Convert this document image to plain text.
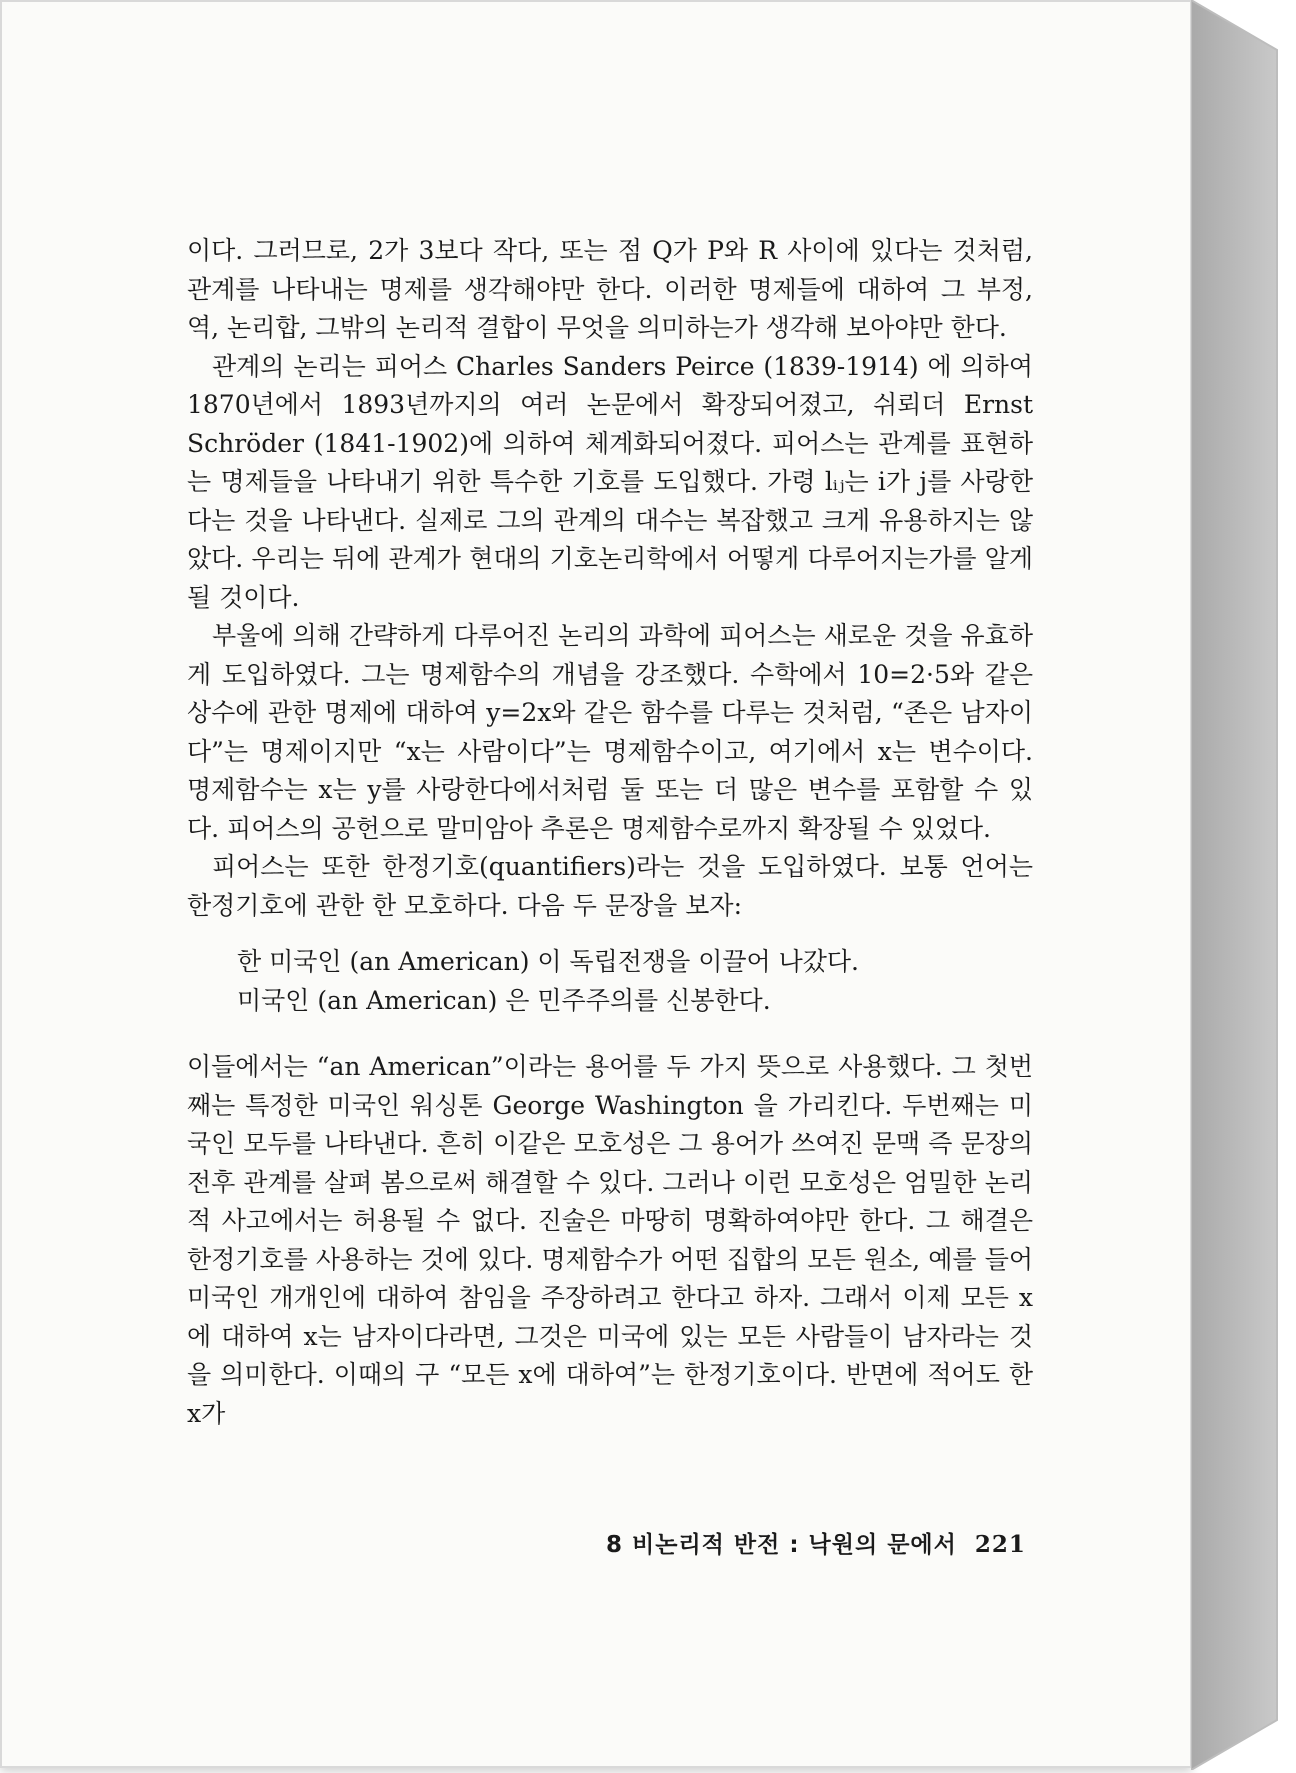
이다. 그러므로, 2가 3보다 작다, 또는 점 Q가 P와 R 사이에 있다는 것처럼, 관계를 나타내는 명제를 생각해야만 한다. 이러한 명제들에 대하여 그 부정, 역, 논리합, 그밖의 논리적 결합이 무엇을 의미하는가 생각해 보아야만 한다.

관계의 논리는 피어스 Charles Sanders Peirce (1839-1914) 에 의하여 1870년에서 1893년까지의 여러 논문에서 확장되어졌고, 쉬뢰더 Ernst Schröder (1841-1902)에 의하여 체계화되어졌다. 피어스는 관계를 표현하는 명제들을 나타내기 위한 특수한 기호를 도입했다. 가령 lᵢⱼ는 i가 j를 사랑한다는 것을 나타낸다. 실제로 그의 관계의 대수는 복잡했고 크게 유용하지는 않았다. 우리는 뒤에 관계가 현대의 기호논리학에서 어떻게 다루어지는가를 알게 될 것이다.

부울에 의해 간략하게 다루어진 논리의 과학에 피어스는 새로운 것을 유효하게 도입하였다. 그는 명제함수의 개념을 강조했다. 수학에서 10=2·5와 같은 상수에 관한 명제에 대하여 y=2x와 같은 함수를 다루는 것처럼, “존은 남자이다”는 명제이지만 “x는 사람이다”는 명제함수이고, 여기에서 x는 변수이다. 명제함수는 x는 y를 사랑한다에서처럼 둘 또는 더 많은 변수를 포함할 수 있다. 피어스의 공헌으로 말미암아 추론은 명제함수로까지 확장될 수 있었다.

피어스는 또한 한정기호(quantifiers)라는 것을 도입하였다. 보통 언어는 한정기호에 관한 한 모호하다. 다음 두 문장을 보자:

한 미국인 (an American) 이 독립전쟁을 이끌어 나갔다.
미국인 (an American) 은 민주주의를 신봉한다.

이들에서는 “an American”이라는 용어를 두 가지 뜻으로 사용했다. 그 첫번째는 특정한 미국인 워싱톤 George Washington 을 가리킨다. 두번째는 미국인 모두를 나타낸다. 흔히 이같은 모호성은 그 용어가 쓰여진 문맥 즉 문장의 전후 관계를 살펴 봄으로써 해결할 수 있다. 그러나 이런 모호성은 엄밀한 논리적 사고에서는 허용될 수 없다. 진술은 마땅히 명확하여야만 한다. 그 해결은 한정기호를 사용하는 것에 있다. 명제함수가 어떤 집합의 모든 원소, 예를 들어 미국인 개개인에 대하여 참임을 주장하려고 한다고 하자. 그래서 이제 모든 x에 대하여 x는 남자이다라면, 그것은 미국에 있는 모든 사람들이 남자라는 것을 의미한다. 이때의 구 “모든 x에 대하여”는 한정기호이다. 반면에 적어도 한 x가

8 비논리적 반전 : 낙원의 문에서 221
